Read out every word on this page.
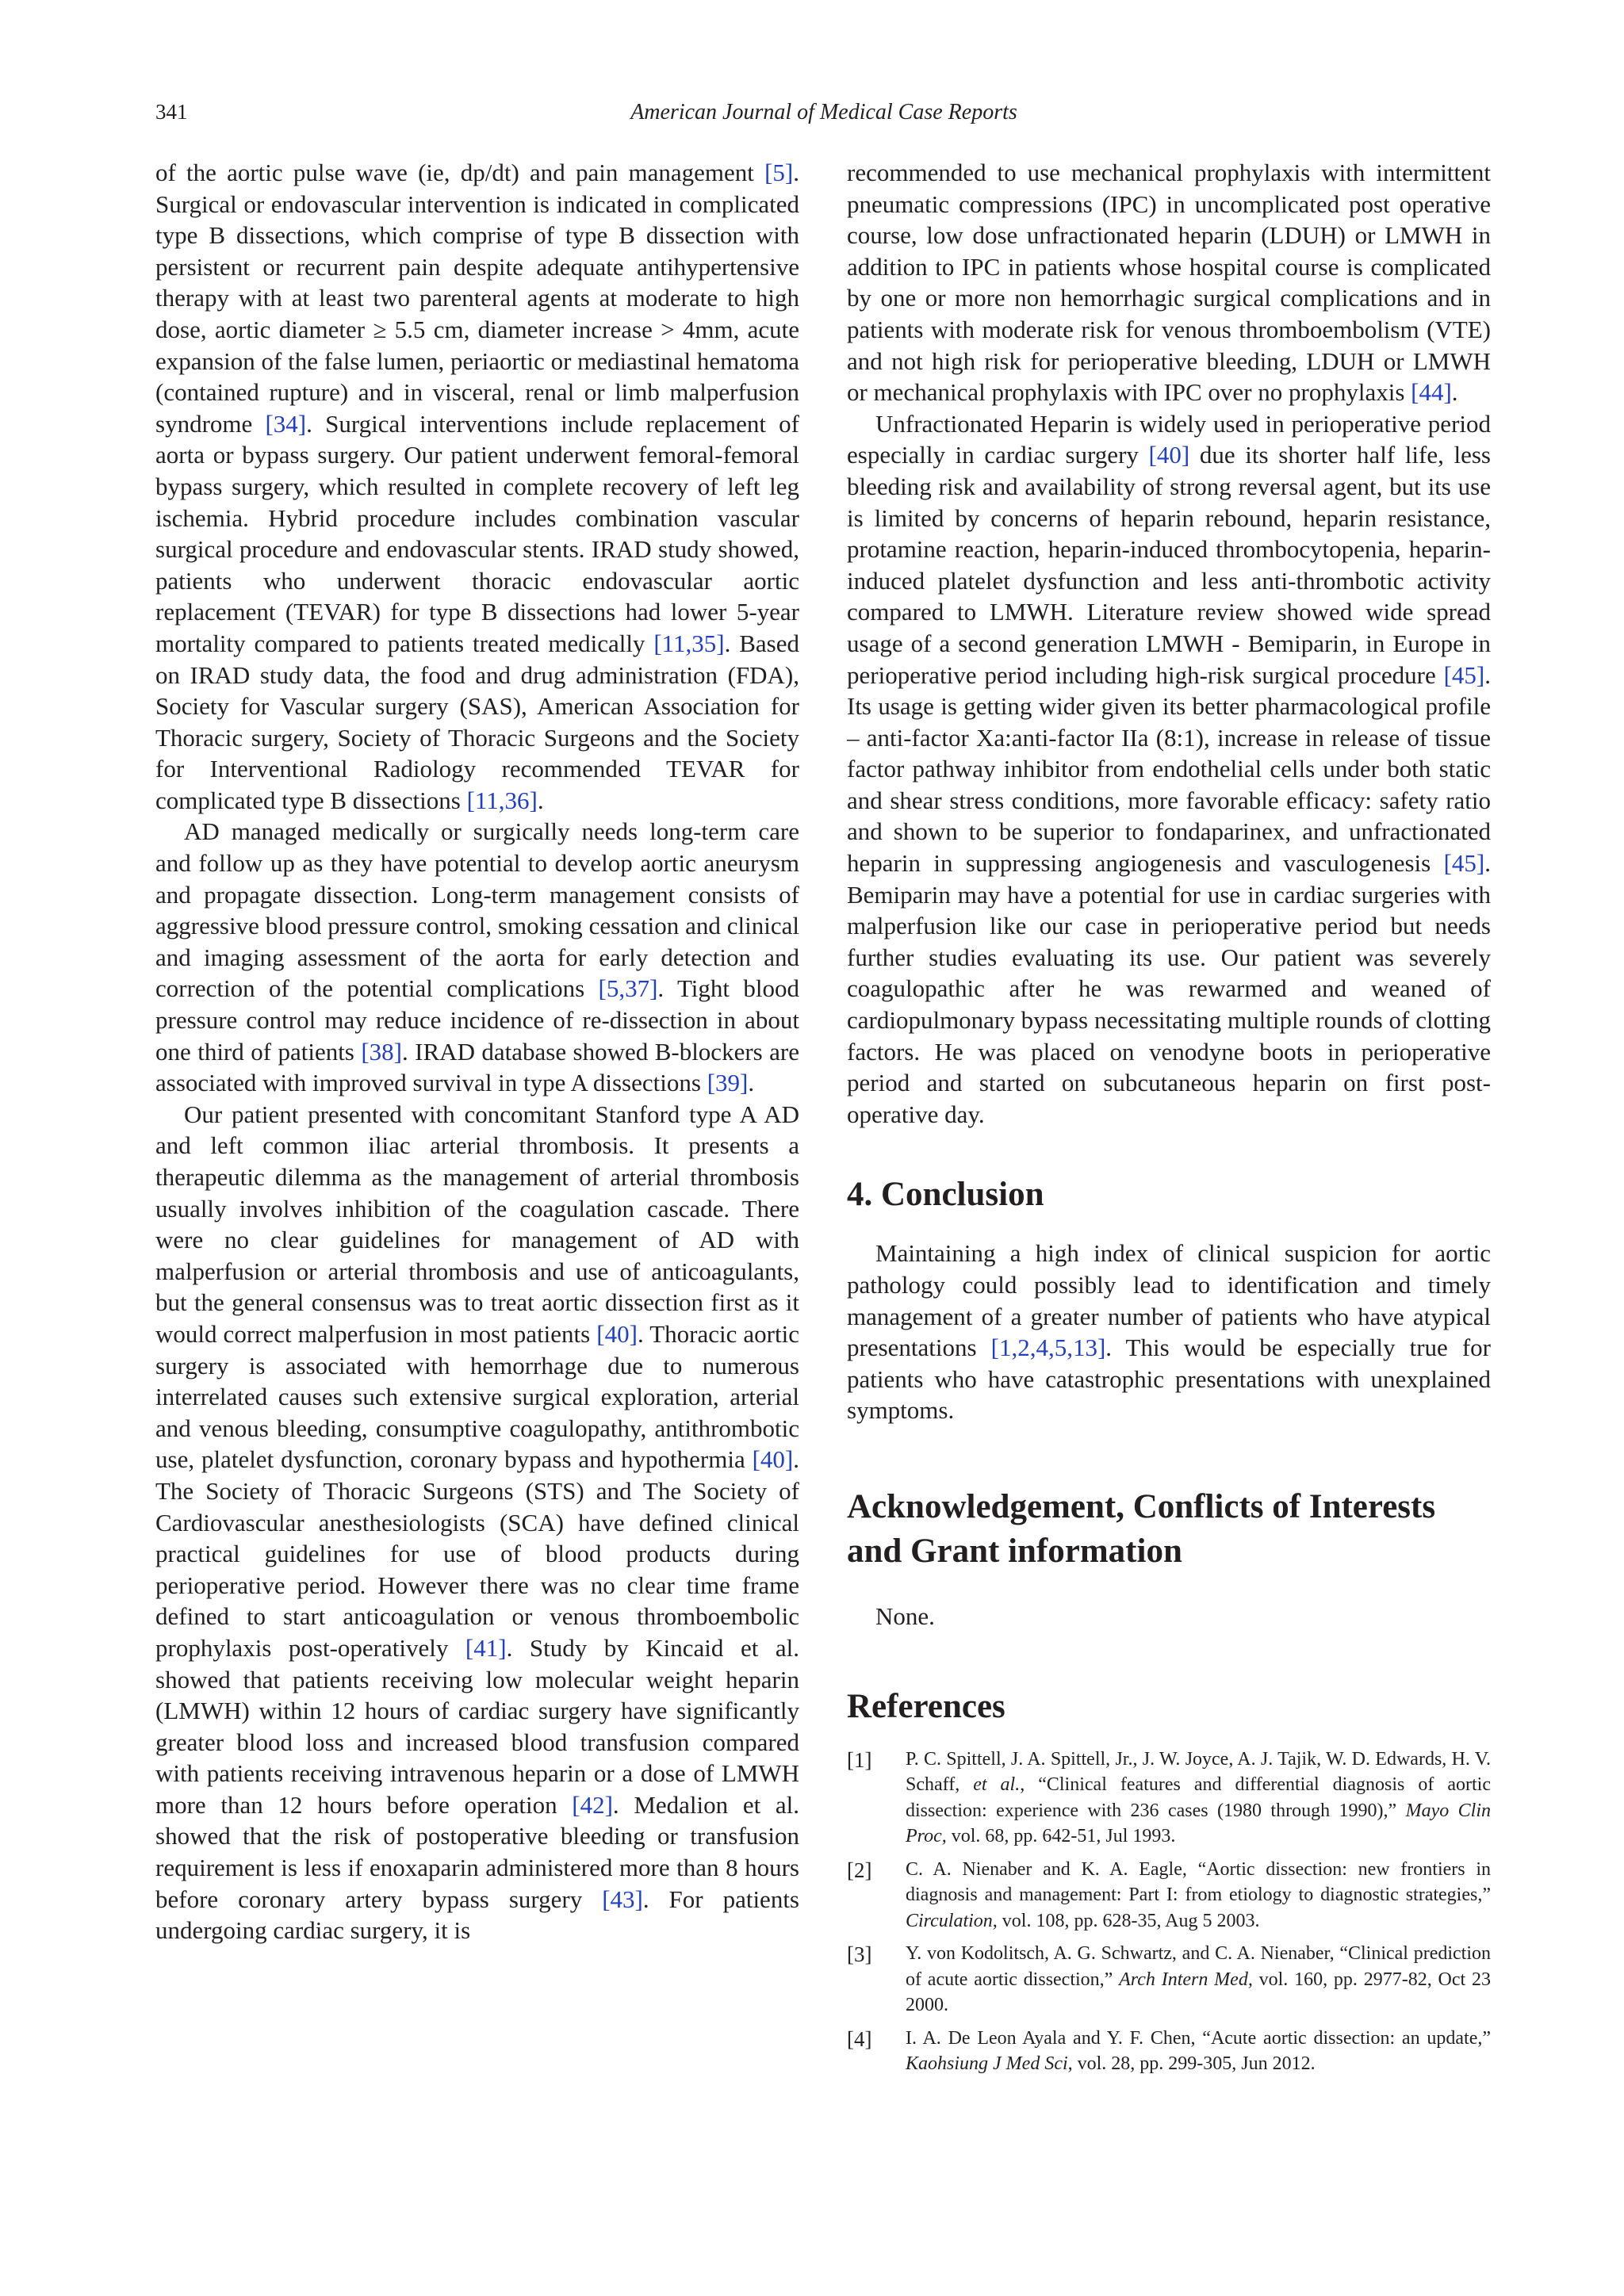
341	American Journal of Medical Case Reports

of the aortic pulse wave (ie, dp/dt) and pain management [5]. Surgical or endovascular intervention is indicated in complicated type B dissections, which comprise of type B dissection with persistent or recurrent pain despite adequate antihypertensive therapy with at least two parenteral agents at moderate to high dose, aortic diameter ≥ 5.5 cm, diameter increase > 4mm, acute expansion of the false lumen, periaortic or mediastinal hematoma (contained rupture) and in visceral, renal or limb malperfusion syndrome [34]. Surgical interventions include replacement of aorta or bypass surgery. Our patient underwent femoral-femoral bypass surgery, which resulted in complete recovery of left leg ischemia. Hybrid procedure includes combination vascular surgical procedure and endovascular stents. IRAD study showed, patients who underwent thoracic endovascular aortic replacement (TEVAR) for type B dissections had lower 5-year mortality compared to patients treated medically [11,35]. Based on IRAD study data, the food and drug administration (FDA), Society for Vascular surgery (SAS), American Association for Thoracic surgery, Society of Thoracic Surgeons and the Society for Interventional Radiology recommended TEVAR for complicated type B dissections [11,36].

AD managed medically or surgically needs long-term care and follow up as they have potential to develop aortic aneurysm and propagate dissection. Long-term management consists of aggressive blood pressure control, smoking cessation and clinical and imaging assessment of the aorta for early detection and correction of the potential complications [5,37]. Tight blood pressure control may reduce incidence of re-dissection in about one third of patients [38]. IRAD database showed B-blockers are associated with improved survival in type A dissections [39].

Our patient presented with concomitant Stanford type A AD and left common iliac arterial thrombosis. It presents a therapeutic dilemma as the management of arterial thrombosis usually involves inhibition of the coagulation cascade. There were no clear guidelines for management of AD with malperfusion or arterial thrombosis and use of anticoagulants, but the general consensus was to treat aortic dissection first as it would correct malperfusion in most patients [40]. Thoracic aortic surgery is associated with hemorrhage due to numerous interrelated causes such extensive surgical exploration, arterial and venous bleeding, consumptive coagulopathy, antithrombotic use, platelet dysfunction, coronary bypass and hypothermia [40]. The Society of Thoracic Surgeons (STS) and The Society of Cardiovascular anesthesiologists (SCA) have defined clinical practical guidelines for use of blood products during perioperative period. However there was no clear time frame defined to start anticoagulation or venous thromboembolic prophylaxis post-operatively [41]. Study by Kincaid et al. showed that patients receiving low molecular weight heparin (LMWH) within 12 hours of cardiac surgery have significantly greater blood loss and increased blood transfusion compared with patients receiving intravenous heparin or a dose of LMWH more than 12 hours before operation [42]. Medalion et al. showed that the risk of postoperative bleeding or transfusion requirement is less if enoxaparin administered more than 8 hours before coronary artery bypass surgery [43]. For patients undergoing cardiac surgery, it is

recommended to use mechanical prophylaxis with intermittent pneumatic compressions (IPC) in uncomplicated post operative course, low dose unfractionated heparin (LDUH) or LMWH in addition to IPC in patients whose hospital course is complicated by one or more non hemorrhagic surgical complications and in patients with moderate risk for venous thromboembolism (VTE) and not high risk for perioperative bleeding, LDUH or LMWH or mechanical prophylaxis with IPC over no prophylaxis [44].

Unfractionated Heparin is widely used in perioperative period especially in cardiac surgery [40] due its shorter half life, less bleeding risk and availability of strong reversal agent, but its use is limited by concerns of heparin rebound, heparin resistance, protamine reaction, heparin-induced thrombocytopenia, heparin- induced platelet dysfunction and less anti-thrombotic activity compared to LMWH. Literature review showed wide spread usage of a second generation LMWH - Bemiparin, in Europe in perioperative period including high-risk surgical procedure [45]. Its usage is getting wider given its better pharmacological profile – anti-factor Xa:anti-factor IIa (8:1), increase in release of tissue factor pathway inhibitor from endothelial cells under both static and shear stress conditions, more favorable efficacy: safety ratio and shown to be superior to fondaparinex, and unfractionated heparin in suppressing angiogenesis and vasculogenesis [45]. Bemiparin may have a potential for use in cardiac surgeries with malperfusion like our case in perioperative period but needs further studies evaluating its use. Our patient was severely coagulopathic after he was rewarmed and weaned of cardiopulmonary bypass necessitating multiple rounds of clotting factors. He was placed on venodyne boots in perioperative period and started on subcutaneous heparin on first post-operative day.

4. Conclusion

Maintaining a high index of clinical suspicion for aortic pathology could possibly lead to identification and timely management of a greater number of patients who have atypical presentations [1,2,4,5,13]. This would be especially true for patients who have catastrophic presentations with unexplained symptoms.

Acknowledgement, Conflicts of Interests and Grant information

None.

References
[1]	P. C. Spittell, J. A. Spittell, Jr., J. W. Joyce, A. J. Tajik, W. D. Edwards, H. V. Schaff, et al., “Clinical features and differential diagnosis of aortic dissection: experience with 236 cases (1980 through 1990),” Mayo Clin Proc, vol. 68, pp. 642-51, Jul 1993.
[2]	C. A. Nienaber and K. A. Eagle, “Aortic dissection: new frontiers in diagnosis and management: Part I: from etiology to diagnostic strategies,” Circulation, vol. 108, pp. 628-35, Aug 5 2003.
[3]	Y. von Kodolitsch, A. G. Schwartz, and C. A. Nienaber, “Clinical prediction of acute aortic dissection,” Arch Intern Med, vol. 160, pp. 2977-82, Oct 23 2000.
[4]	I. A. De Leon Ayala and Y. F. Chen, “Acute aortic dissection: an update,” Kaohsiung J Med Sci, vol. 28, pp. 299-305, Jun 2012.
